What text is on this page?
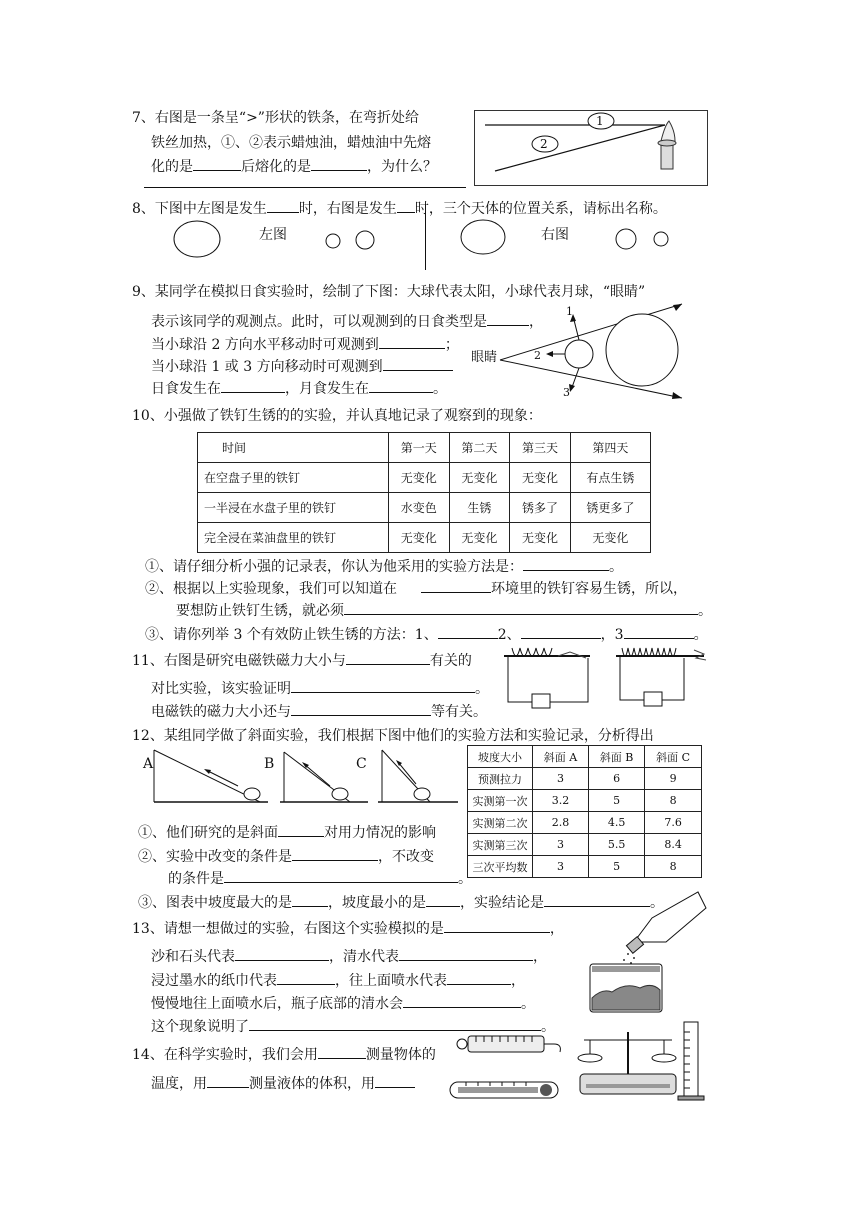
7、右图是一条呈“>”形状的铁条，在弯折处给
铁丝加热，①、②表示蜡烛油，蜡烛油中先熔
化的是	后熔化的是	，为什么？
1
2
8、下图中左图是发生 时，右图是发生 时，三个天体的位置关系，请标出名称。
左图	右图
9、某同学在模拟日食实验时，绘制了下图：大球代表太阳，小球代表月球，“眼睛”
表示该同学的观测点。此时，可以观测到的日食类型是	，
当小球沿 2 方向水平移动时可观测到	；
当小球沿 1 或 3 方向移动时可观测到
日食发生在	，月食发生在	。
眼睛
1
2
3
10、小强做了铁钉生锈的的实验，并认真地记录了观察到的现象：
时间	第一天	第二天	第三天	第四天
在空盘子里的铁钉	无变化	无变化	无变化	有点生锈
一半浸在水盘子里的铁钉	水变色	生锈	锈多了	锈更多了
完全浸在菜油盘里的铁钉	无变化	无变化	无变化	无变化
①、请仔细分析小强的记录表，你认为他采用的实验方法是：	。
②、根据以上实验现象，我们可以知道在	环境里的铁钉容易生锈，所以，
要想防止铁钉生锈，就必须	。
③、请你列举 3 个有效防止铁生锈的方法：1、	2、	，3	。
11、右图是研究电磁铁磁力大小与	有关的
对比实验，该实验证明	。
电磁铁的磁力大小还与	等有关。
12、某组同学做了斜面实验，我们根据下图中他们的实验方法和实验记录，分析得出
A	B	C	坡度大小	斜面 A	斜面 B	斜面 C
预测拉力	3	6	9
实测第一次	3.2	5	8
实测第二次	2.8	4.5	7.6
实测第三次	3	5.5	8.4
三次平均数	3	5	8
①、他们研究的是斜面	对用力情况的影响
②、实验中改变的条件是	，不改变
的条件是	。
③、图表中坡度最大的是	，坡度最小的是 ，实验结论是	。
13、请想一想做过的实验，右图这个实验模拟的是	，
沙和石头代表	，清水代表	，
浸过墨水的纸巾代表	，往上面喷水代表	，
慢慢地往上面喷水后，瓶子底部的清水会	。
这个现象说明了	。
14、在科学实验时，我们会用	测量物体的
温度，用	测量液体的体积，用
